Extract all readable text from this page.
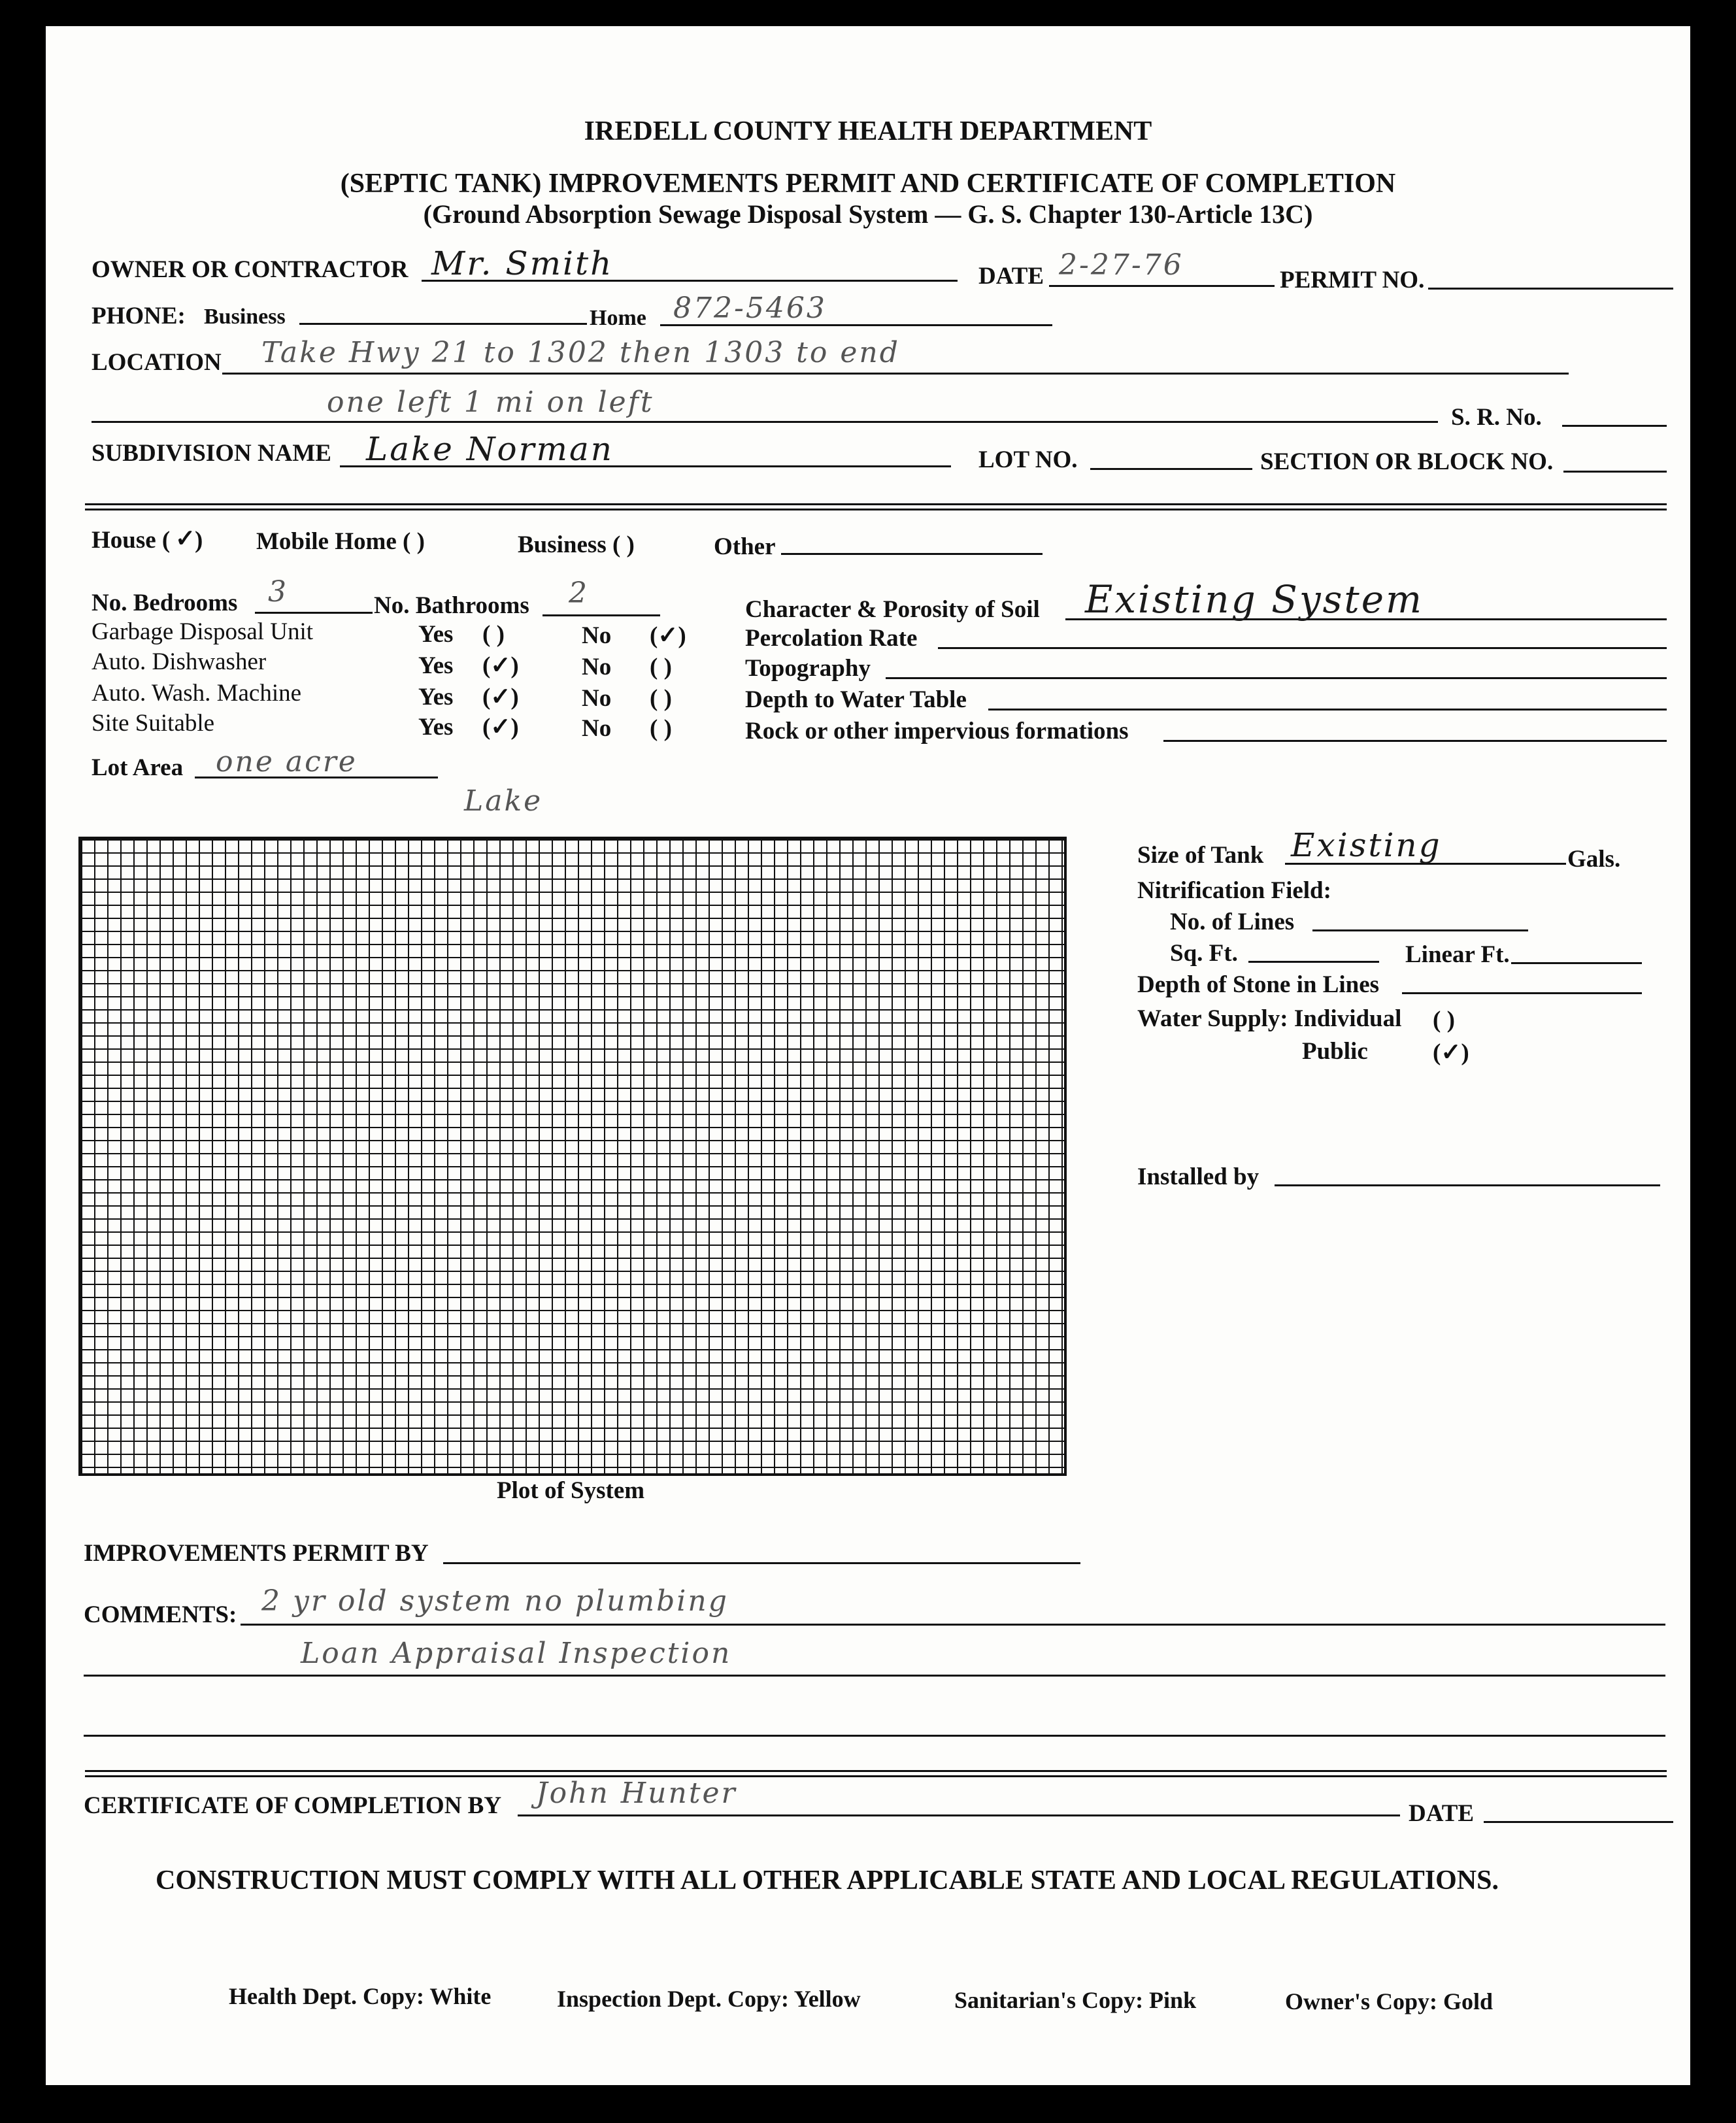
IREDELL COUNTY HEALTH DEPARTMENT
(SEPTIC TANK) IMPROVEMENTS PERMIT AND CERTIFICATE OF COMPLETION
(Ground Absorption Sewage Disposal System — G. S. Chapter 130-Article 13C)
OWNER OR CONTRACTOR Mr. Smith	DATE 2-27-76	PERMIT NO.
PHONE: Business	Home 872-5463
LOCATION Take Hwy 21 to 1302 then 1303 to end
one left 1 mi on left	S. R. No.
SUBDIVISION NAME Lake Norman	LOT NO.	SECTION OR BLOCK NO.
House ( ✓
) Mobile Home ( )	Business ( )	Other
No. Bedrooms 3	No. Bathrooms 2
Garbage Disposal Unit	Yes ( )	No (✓)
Auto. Dishwasher	Yes (✓)	No ( )
Auto. Wash. Machine	Yes (✓)	No ( )
Site Suitable	Yes (✓)	No ( )
Lot Area one acre
Lake
Character & Porosity of Soil Existing System
Percolation Rate
Topography
Depth to Water Table
Rock or other impervious formations
Plot of System
Size of Tank Existing	Gals.
Nitrification Field:
No. of Lines
Sq. Ft.	Linear Ft.
Depth of Stone in Lines
Water Supply: Individual ( )
Public	(✓)
Installed by
IMPROVEMENTS PERMIT BY
COMMENTS: 2 yr old system no plumbing
Loan Appraisal Inspection
CERTIFICATE OF COMPLETION BY John Hunter
DATE
CONSTRUCTION MUST COMPLY WITH ALL OTHER APPLICABLE STATE AND LOCAL REGULATIONS.
Health Dept. Copy: White	Inspection Dept. Copy: Yellow	Sanitarian's Copy: Pink	Owner's Copy: Gold
